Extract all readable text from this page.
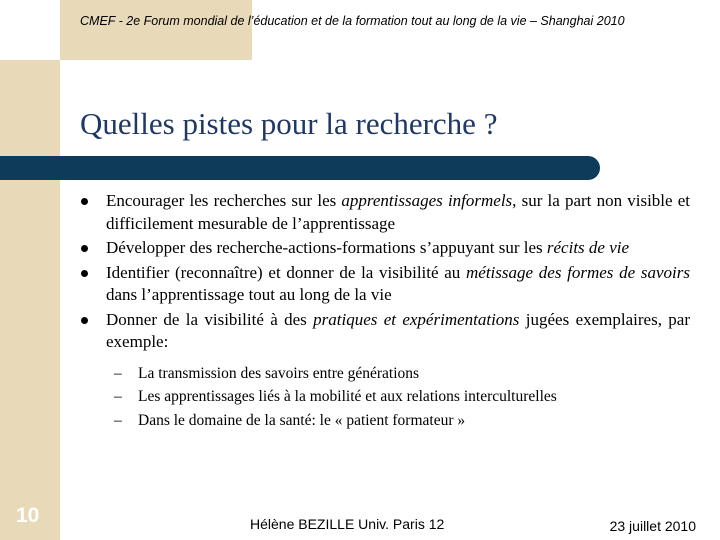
CMEF - 2e Forum mondial de l’éducation et de la formation tout au long de la vie – Shanghai 2010
Quelles pistes pour la recherche ?
Encourager les recherches sur les apprentissages informels, sur la part non visible et difficilement mesurable de l’apprentissage
Développer des recherche-actions-formations s’appuyant sur les récits de vie
Identifier (reconnaître) et donner de la visibilité au métissage des formes de savoirs dans l’apprentissage tout au long de la vie
Donner de la visibilité à des pratiques et expérimentations jugées exemplaires, par exemple:
– La transmission des savoirs entre générations
– Les apprentissages liés à la mobilité et aux relations interculturelles
– Dans le domaine de la santé: le « patient formateur »
10	Hélène BEZILLE Univ. Paris 12	23 juillet 2010
